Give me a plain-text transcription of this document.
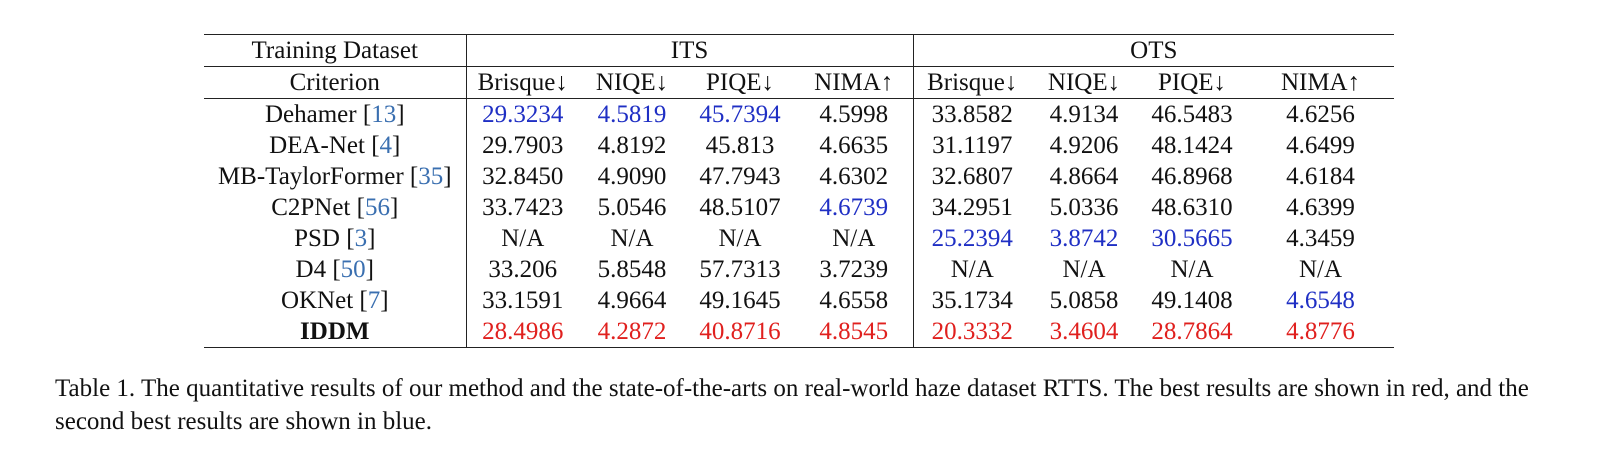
Training Dataset	ITS				OTS			
Criterion	Brisque↓	NIQE↓	PIQE↓	NIMA↑	Brisque↓	NIQE↓	PIQE↓	NIMA↑
Dehamer [13]	29.3234	4.5819	45.7394	4.5998	33.8582	4.9134	46.5483	4.6256
DEA-Net [4]	29.7903	4.8192	45.813	4.6635	31.1197	4.9206	48.1424	4.6499
MB-TaylorFormer [35]	32.8450	4.9090	47.7943	4.6302	32.6807	4.8664	46.8968	4.6184
C2PNet [56]	33.7423	5.0546	48.5107	4.6739	34.2951	5.0336	48.6310	4.6399
PSD [3]	N/A	N/A	N/A	N/A	25.2394	3.8742	30.5665	4.3459
D4 [50]	33.206	5.8548	57.7313	3.7239	N/A	N/A	N/A	N/A
OKNet [7]	33.1591	4.9664	49.1645	4.6558	35.1734	5.0858	49.1408	4.6548
IDDM	28.4986	4.2872	40.8716	4.8545	20.3332	3.4604	28.7864	4.8776
Table 1. The quantitative results of our method and the state-of-the-arts on real-world haze dataset RTTS. The best results are shown in red, and the second best results are shown in blue.
